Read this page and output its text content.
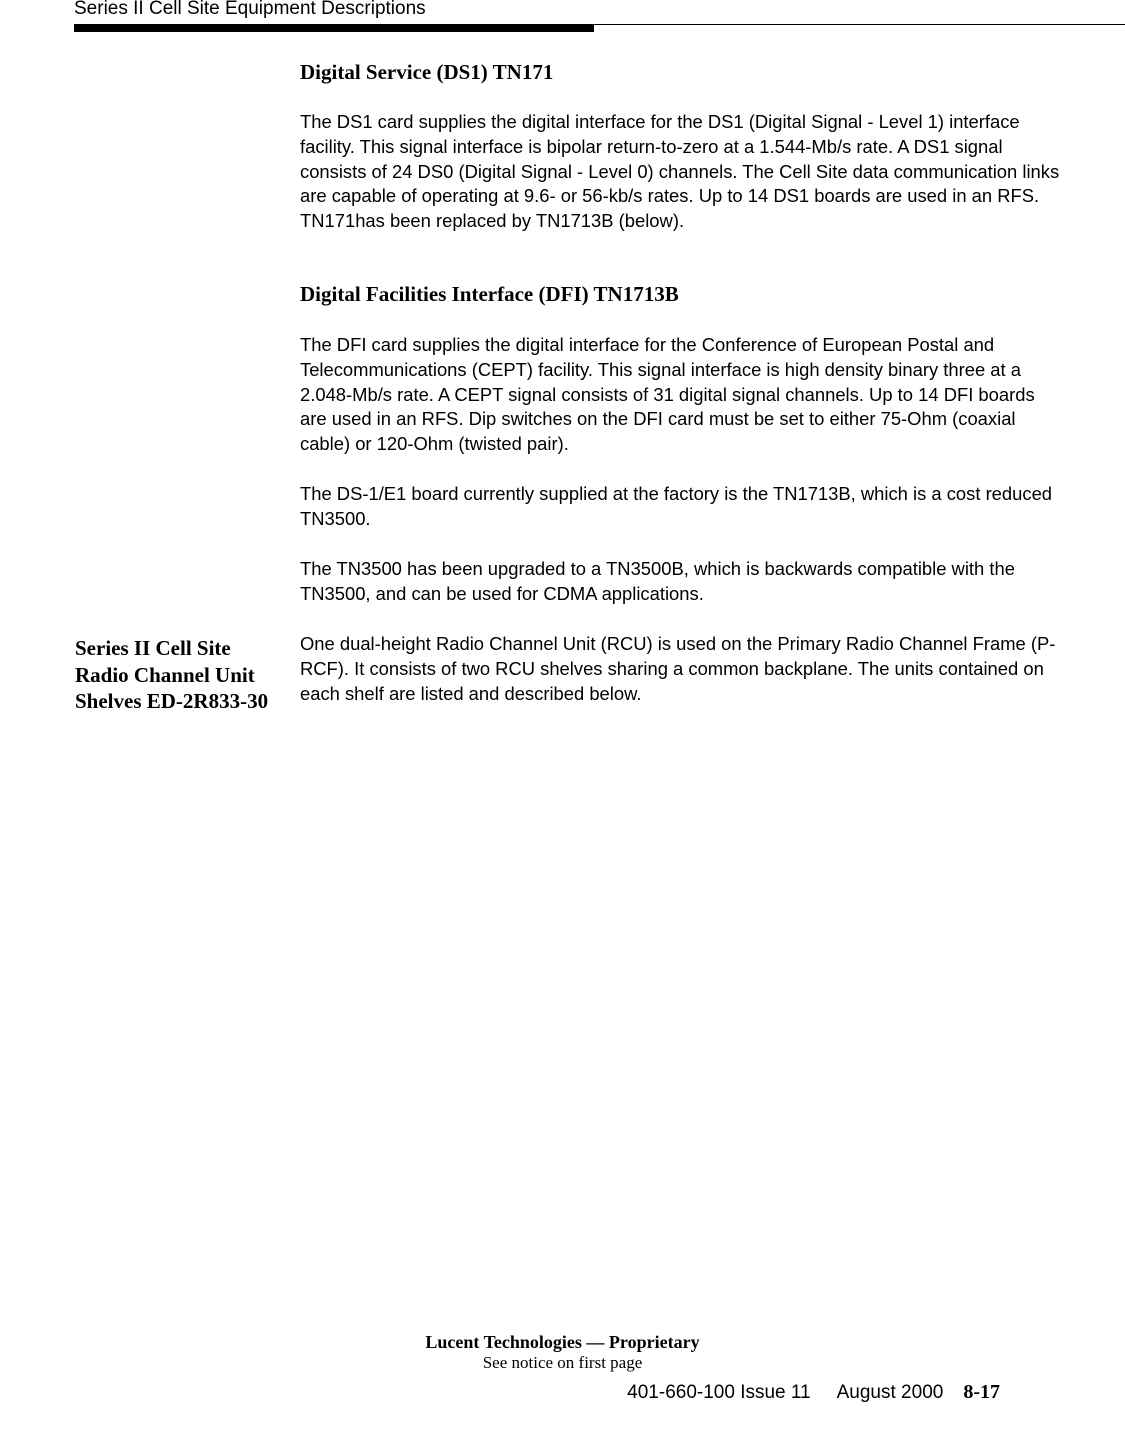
Series II Cell Site Equipment Descriptions
Digital Service (DS1) TN171

The DS1 card supplies the digital interface for the DS1 (Digital Signal - Level 1) interface facility. This signal interface is bipolar return-to-zero at a 1.544-Mb/s rate. A DS1 signal consists of 24 DS0 (Digital Signal - Level 0) channels. The Cell Site data communication links are capable of operating at 9.6- or 56-kb/s rates. Up to 14 DS1 boards are used in an RFS. TN171has been replaced by TN1713B (below).

Digital Facilities Interface (DFI) TN1713B

The DFI card supplies the digital interface for the Conference of European Postal and Telecommunications (CEPT) facility. This signal interface is high density binary three at a 2.048-Mb/s rate. A CEPT signal consists of 31 digital signal channels. Up to 14 DFI boards are used in an RFS. Dip switches on the DFI card must be set to either 75-Ohm (coaxial cable) or 120-Ohm (twisted pair).

The DS-1/E1 board currently supplied at the factory is the TN1713B, which is a cost reduced TN3500.

The TN3500 has been upgraded to a TN3500B, which is backwards compatible with the TN3500, and can be used for CDMA applications.

Series II Cell Site Radio Channel Unit Shelves ED-2R833-30

One dual-height Radio Channel Unit (RCU) is used on the Primary Radio Channel Frame (P-RCF). It consists of two RCU shelves sharing a common backplane. The units contained on each shelf are listed and described below.

Lucent Technologies — Proprietary
See notice on first page
401-660-100 Issue 11 August 2000 8-17
